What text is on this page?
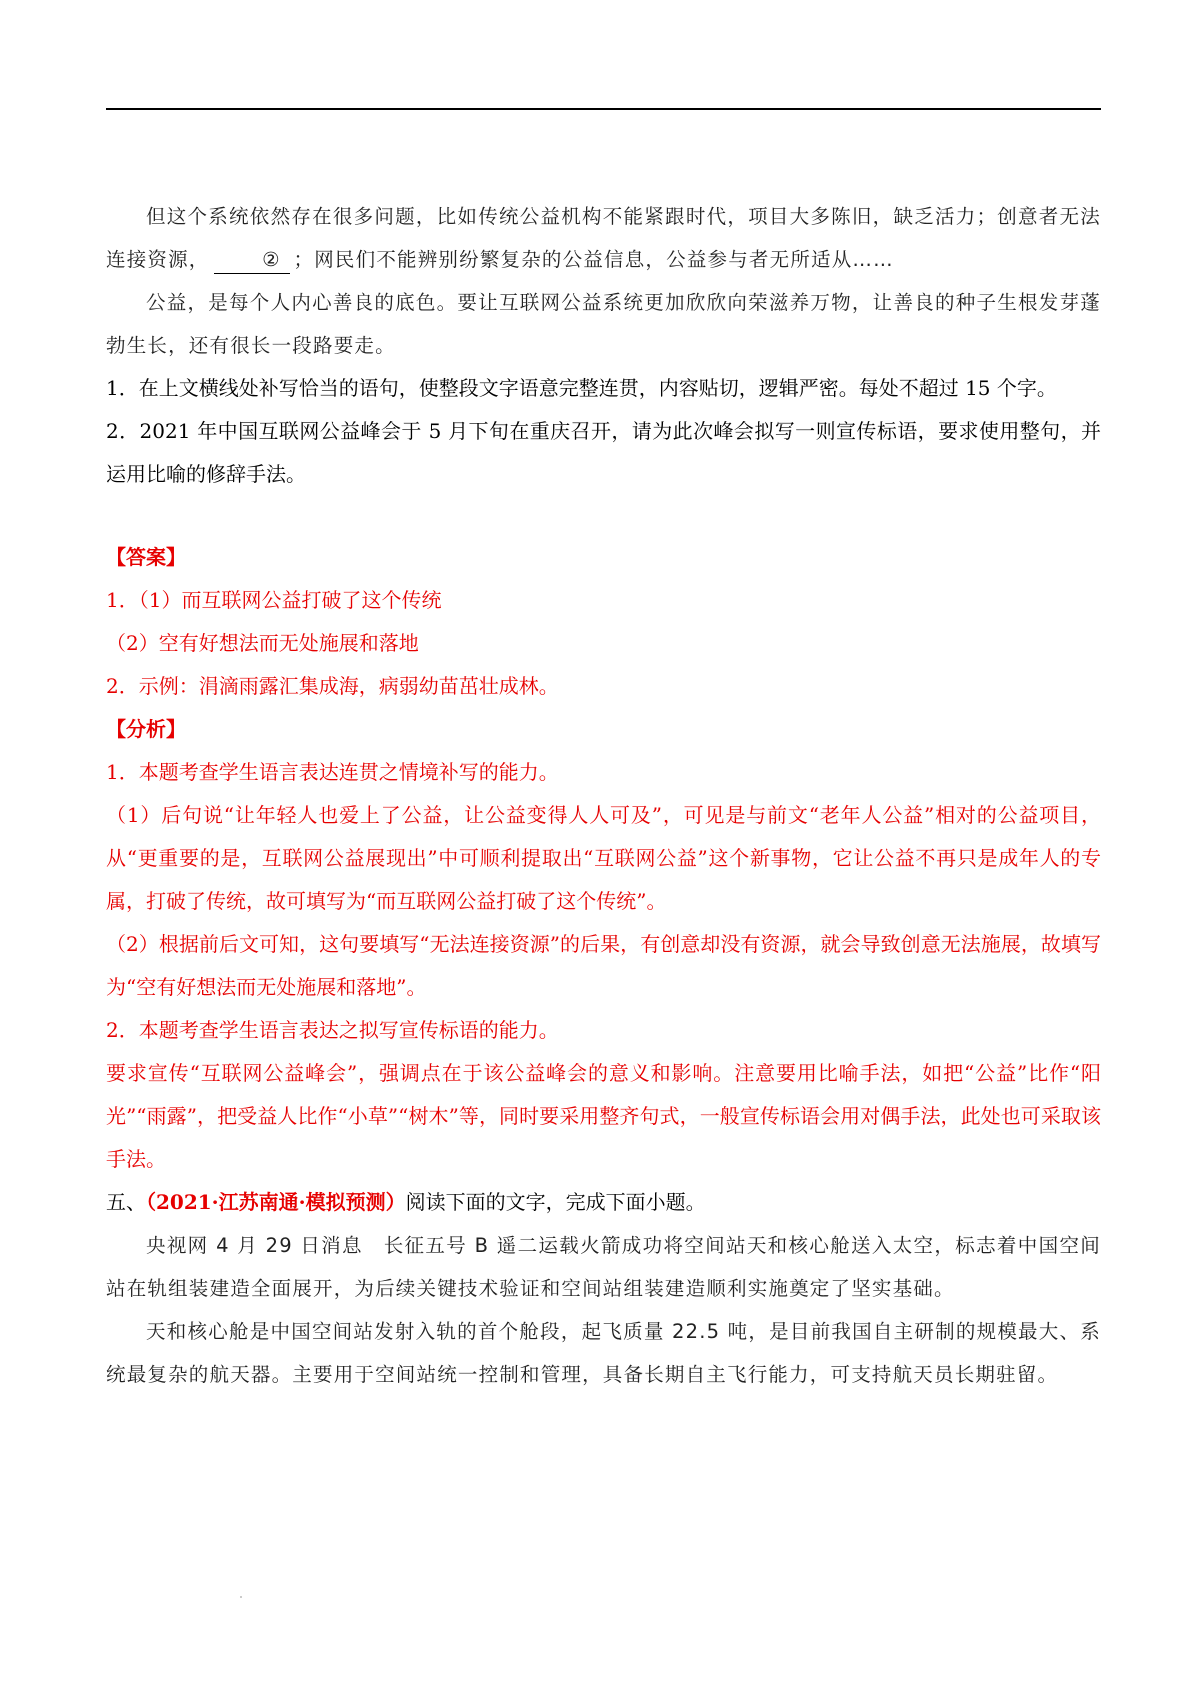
但这个系统依然存在很多问题，比如传统公益机构不能紧跟时代，项目大多陈旧，缺乏活力；创意者无法连接资源，	② ；网民们不能辨别纷繁复杂的公益信息，公益参与者无所适从……

公益，是每个人内心善良的底色。要让互联网公益系统更加欣欣向荣滋养万物，让善良的种子生根发芽蓬勃生长，还有很长一段路要走。

1．在上文横线处补写恰当的语句，使整段文字语意完整连贯，内容贴切，逻辑严密。每处不超过 15 个字。

2．2021 年中国互联网公益峰会于 5 月下旬在重庆召开，请为此次峰会拟写一则宣传标语，要求使用整句，并运用比喻的修辞手法。

【答案】

1．（1）而互联网公益打破了这个传统

（2）空有好想法而无处施展和落地

2．示例：涓滴雨露汇集成海，病弱幼苗茁壮成林。

【分析】

1．本题考查学生语言表达连贯之情境补写的能力。

（1）后句说“让年轻人也爱上了公益，让公益变得人人可及”，可见是与前文“老年人公益”相对的公益项目，从“更重要的是，互联网公益展现出”中可顺利提取出“互联网公益”这个新事物，它让公益不再只是成年人的专属，打破了传统，故可填写为“而互联网公益打破了这个传统”。

（2）根据前后文可知，这句要填写“无法连接资源”的后果，有创意却没有资源，就会导致创意无法施展，故填写为“空有好想法而无处施展和落地”。

2．本题考查学生语言表达之拟写宣传标语的能力。

要求宣传“互联网公益峰会”，强调点在于该公益峰会的意义和影响。注意要用比喻手法，如把“公益”比作“阳光”“雨露”，把受益人比作“小草”“树木”等，同时要采用整齐句式，一般宣传标语会用对偶手法，此处也可采取该手法。

五、（2021·江苏南通·模拟预测）阅读下面的文字，完成下面小题。

央视网 4 月 29 日消息　长征五号 B 遥二运载火箭成功将空间站天和核心舱送入太空，标志着中国空间站在轨组装建造全面展开，为后续关键技术验证和空间站组装建造顺利实施奠定了坚实基础。

天和核心舱是中国空间站发射入轨的首个舱段，起飞质量 22.5 吨，是目前我国自主研制的规模最大、系统最复杂的航天器。主要用于空间站统一控制和管理，具备长期自主飞行能力，可支持航天员长期驻留。
